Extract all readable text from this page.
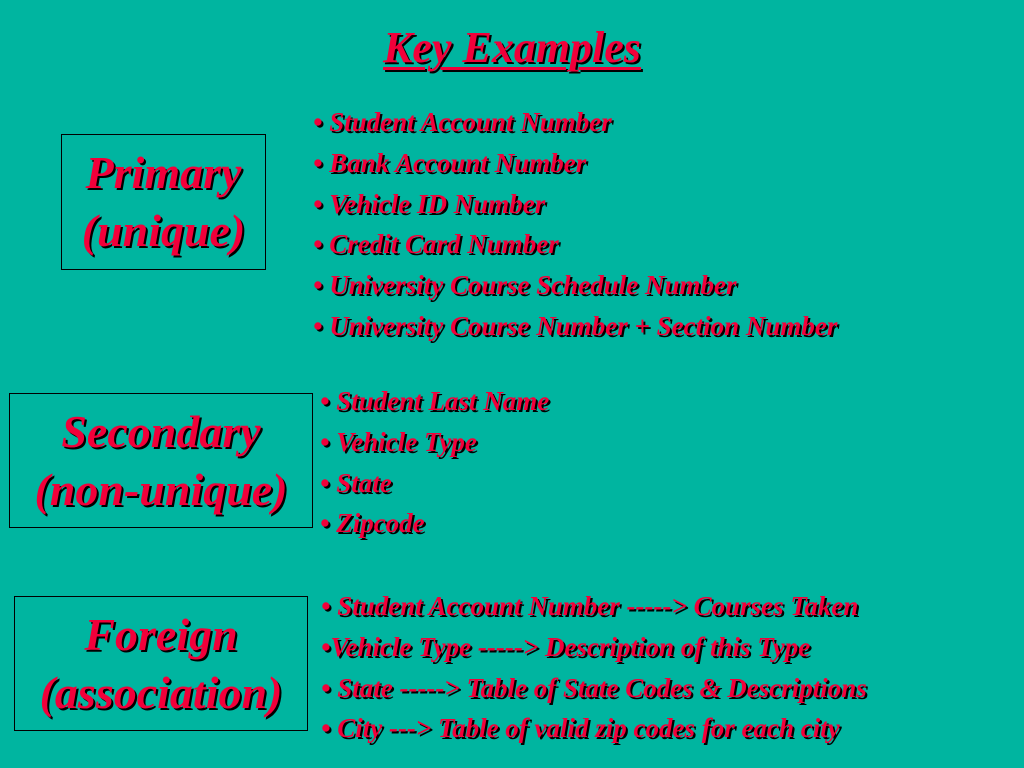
Key Examples
Primary
(unique)
• Student Account Number
• Bank Account Number
• Vehicle ID Number
• Credit Card Number
• University Course Schedule Number
• University Course Number + Section Number
Secondary
(non-unique)
• Student Last Name
• Vehicle Type
• State
• Zipcode
Foreign
(association)
• Student Account Number -----> Courses Taken
•Vehicle Type -----> Description of this Type
• State -----> Table of State Codes & Descriptions
• City ---> Table of valid zip codes for each city
